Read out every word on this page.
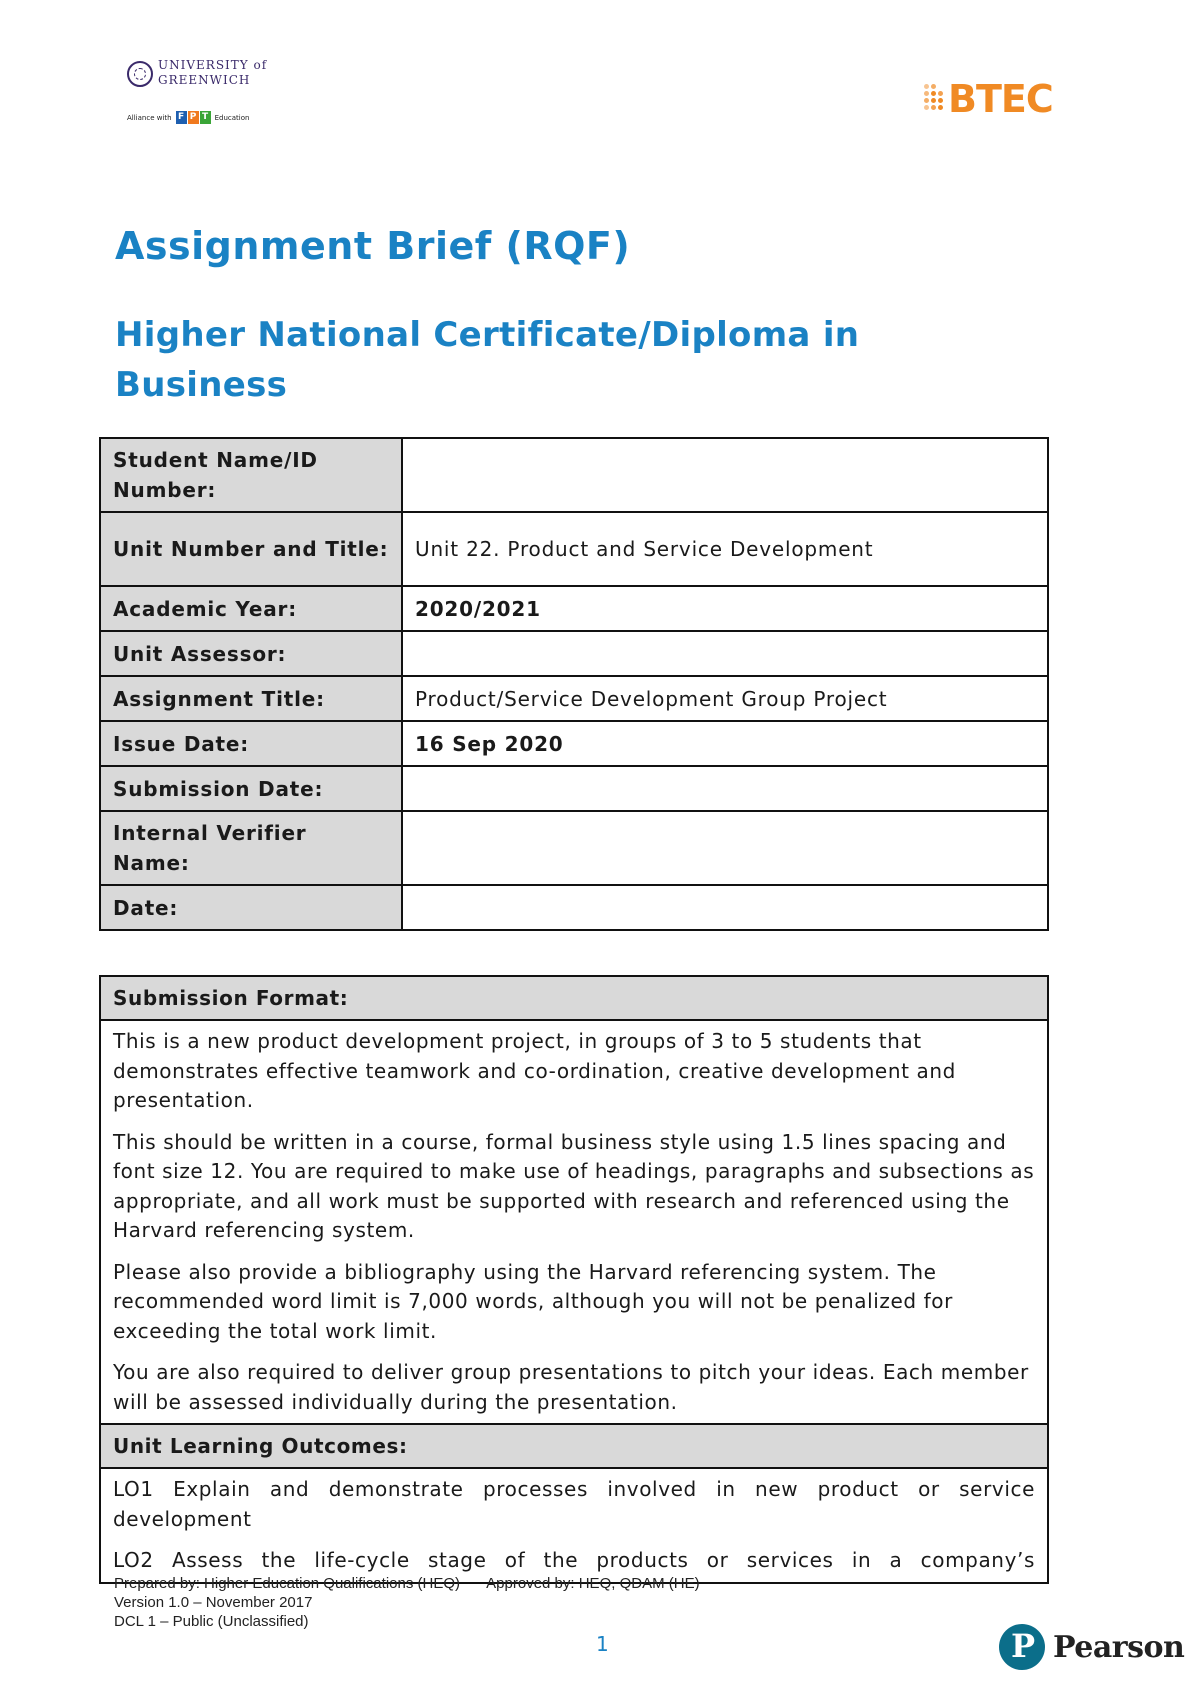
UNIVERSITY of
GREENWICH
Alliance with F P T Education	BTEC
Assignment Brief (RQF)
Higher National Certificate/Diploma in Business
Student Name/ID Number:	
Unit Number and Title:	Unit 22. Product and Service Development
Academic Year:	2020/2021
Unit Assessor:	
Assignment Title:	Product/Service Development Group Project
Issue Date:	16 Sep 2020
Submission Date:	
Internal Verifier Name:	
Date:	
Submission Format:

This is a new product development project, in groups of 3 to 5 students that demonstrates effective teamwork and co-ordination, creative development and presentation.

This should be written in a course, formal business style using 1.5 lines spacing and font size 12. You are required to make use of headings, paragraphs and subsections as appropriate, and all work must be supported with research and referenced using the Harvard referencing system.

Please also provide a bibliography using the Harvard referencing system. The recommended word limit is 7,000 words, although you will not be penalized for exceeding the total work limit.

You are also required to deliver group presentations to pitch your ideas. Each member will be assessed individually during the presentation.

Unit Learning Outcomes:

LO1 Explain and demonstrate processes involved in new product or service development

LO2 Assess the life-cycle stage of the products or services in a company’s

Prepared by: Higher Education Qualifications (HEQ) Approved by: HEQ, QDAM (HE)
Version 1.0 – November 2017
DCL 1 – Public (Unclassified)
1 P	Pearson
